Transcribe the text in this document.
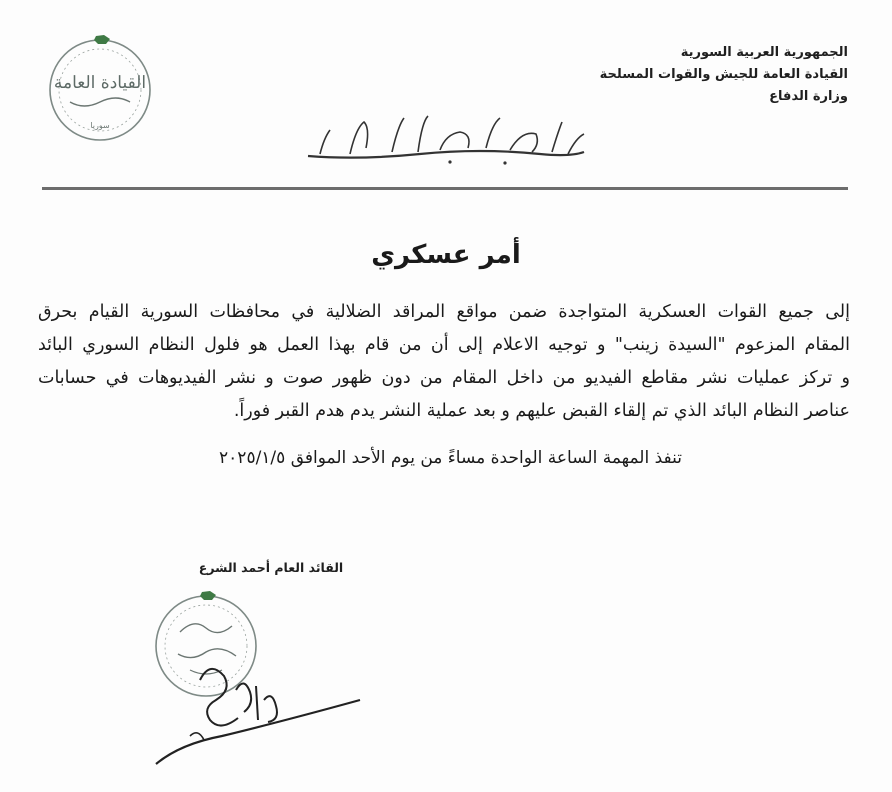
القيادة العامة
سوريا
الجمهورية العربية السورية
القيادة العامة للجيش والقوات المسلحة
وزارة الدفاع
أمر عسكري
إلى جميع القوات العسكرية المتواجدة ضمن مواقع المراقد الضلالية في محافظات السورية القيام بحرق
المقام المزعوم "السيدة زينب" و توجيه الاعلام إلى أن من قام بهذا العمل هو فلول النظام السوري البائد
و تركز عمليات نشر مقاطع الفيديو من داخل المقام من دون ظهور صوت و نشر الفيديوهات في حسابات
عناصر النظام البائد الذي تم إلقاء القبض عليهم و بعد عملية النشر يدم هدم القبر فوراً.
تنفذ المهمة الساعة الواحدة مساءً من يوم الأحد الموافق ٢٠٢٥/١/٥
القائد العام أحمد الشرع
